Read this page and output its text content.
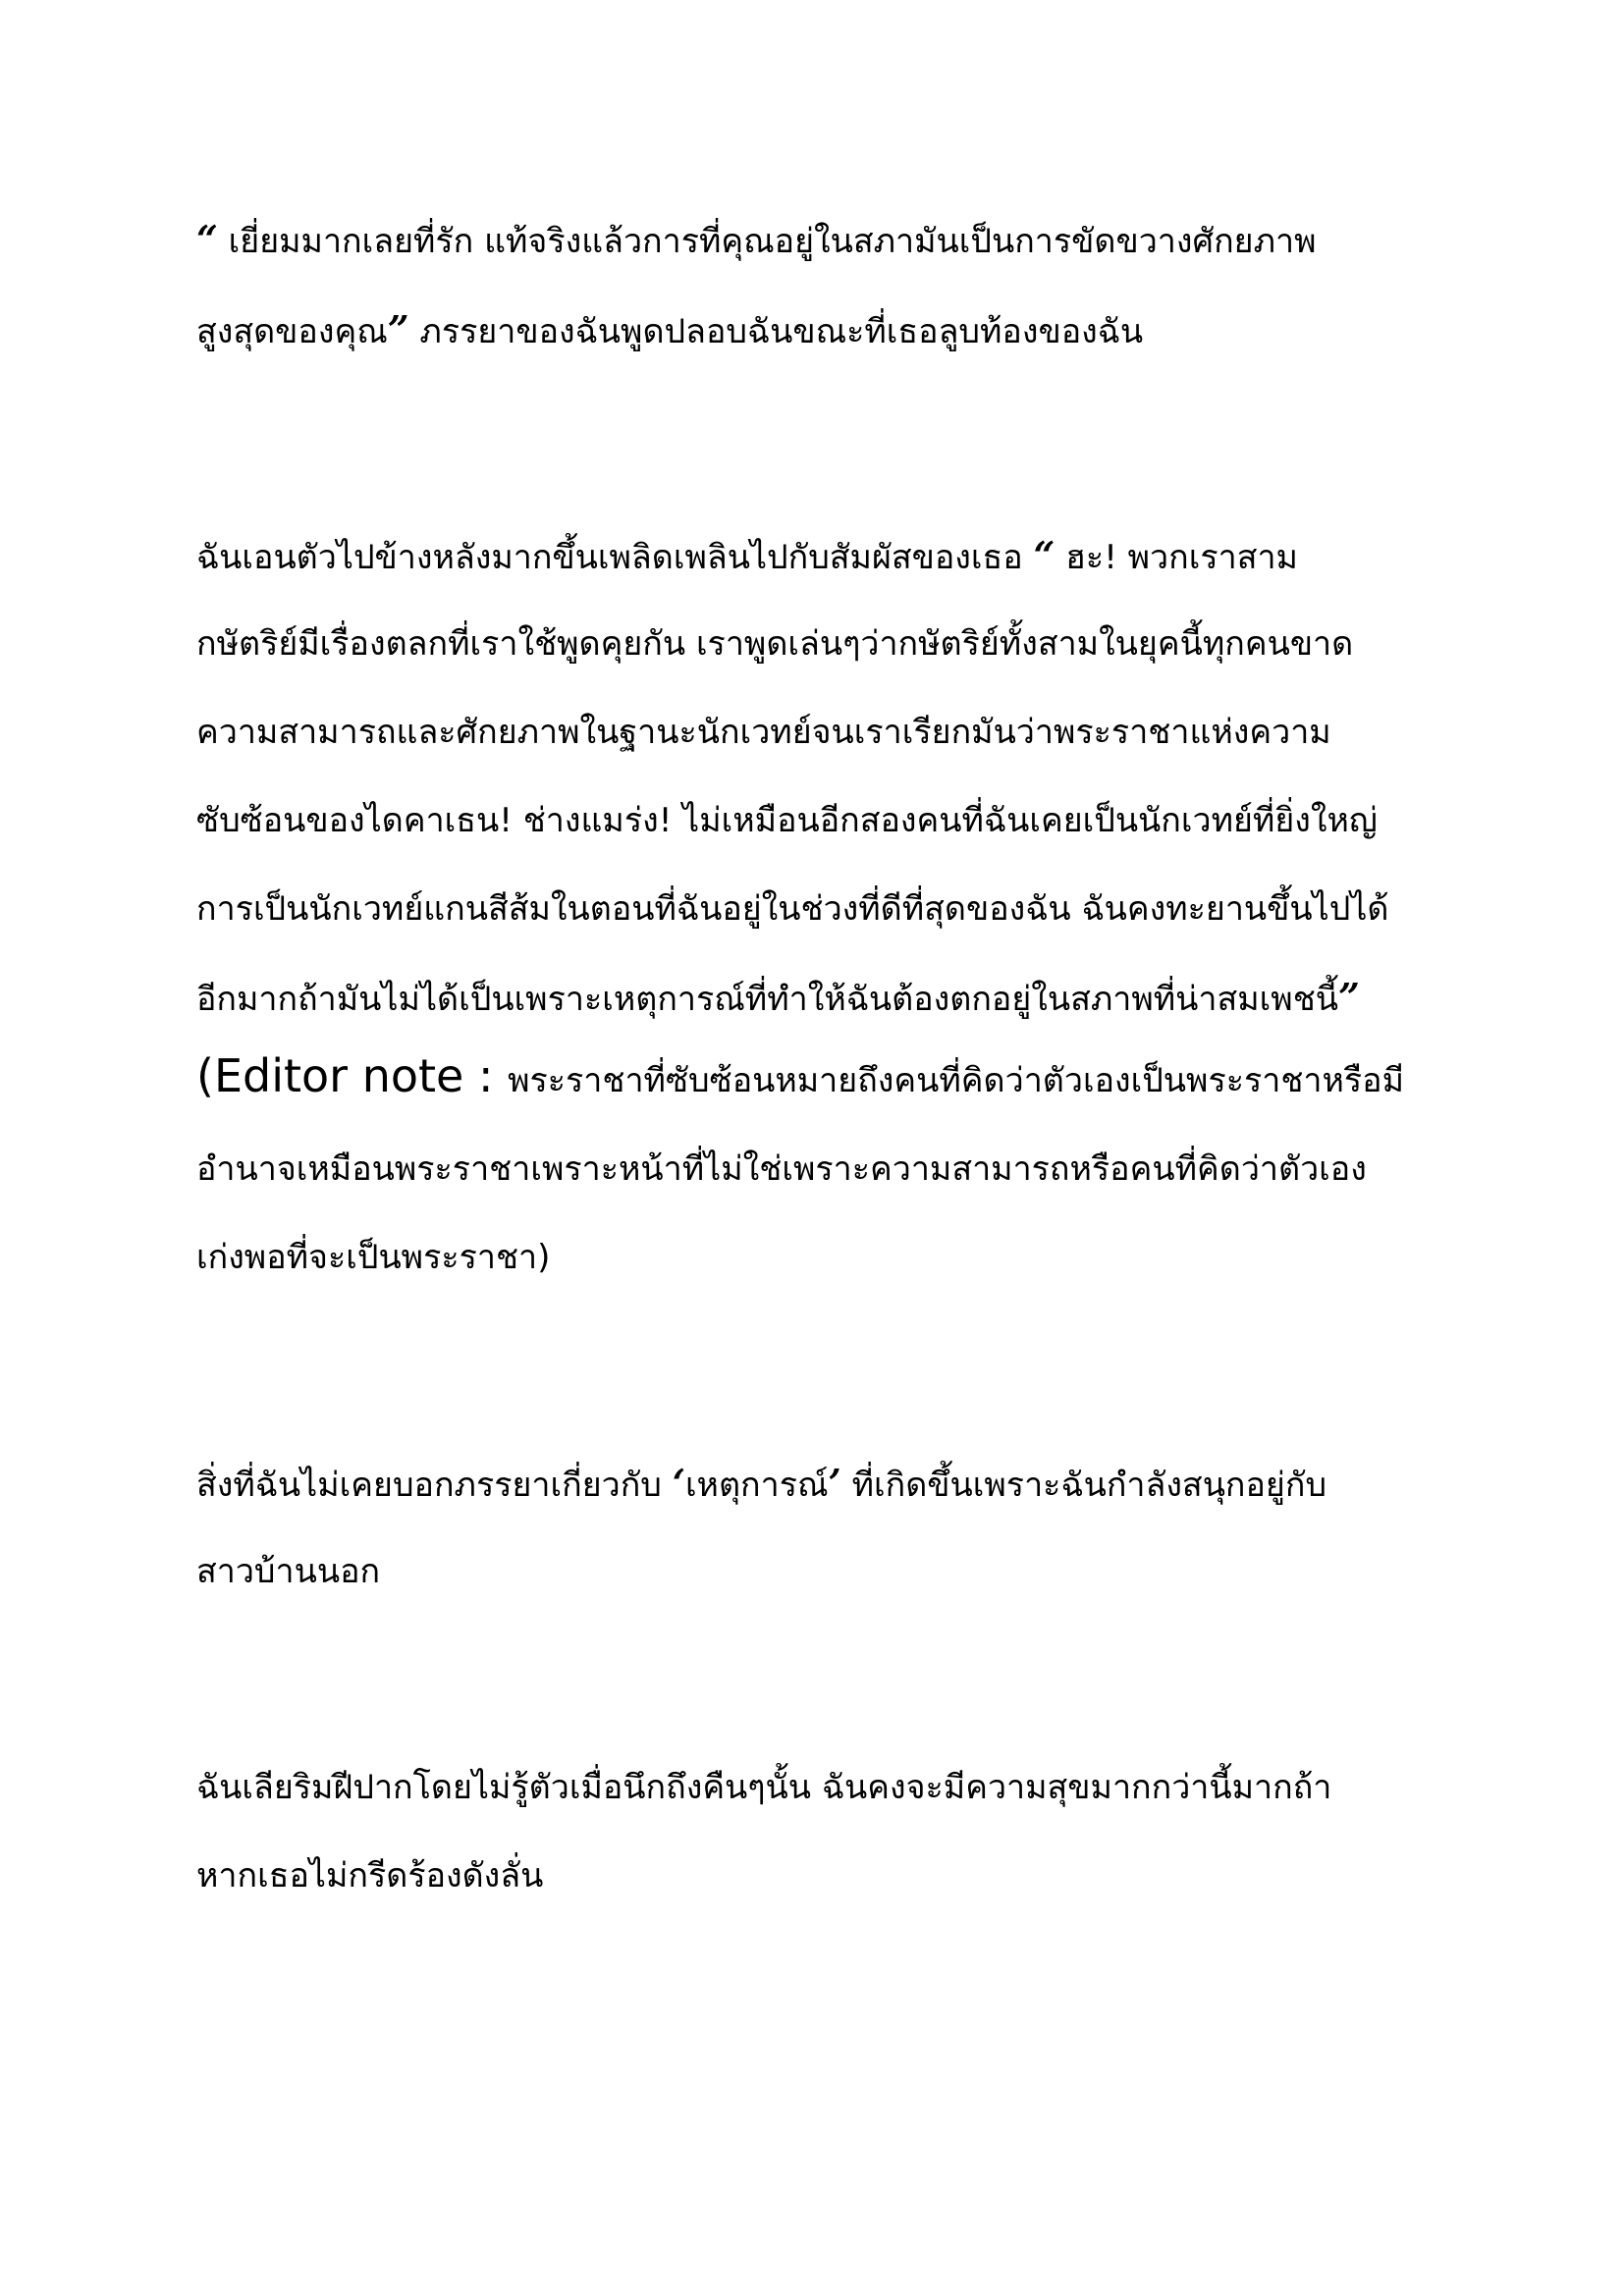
“ เยี่ยมมากเลยที่รัก แท้จริงแล้วการที่คุณอยู่ในสภามันเป็นการขัดขวางศักยภาพ
สูงสุดของคุณ” ภรรยาของฉันพูดปลอบฉันขณะที่เธอลูบท้องของฉัน
ฉันเอนตัวไปข้างหลังมากขึ้นเพลิดเพลินไปกับสัมผัสของเธอ “ ฮะ! พวกเราสาม
กษัตริย์มีเรื่องตลกที่เราใช้พูดคุยกัน เราพูดเล่นๆว่ากษัตริย์ทั้งสามในยุคนี้ทุกคนขาด
ความสามารถและศักยภาพในฐานะนักเวทย์จนเราเรียกมันว่าพระราชาแห่งความ
ซับซ้อนของไดคาเธน! ช่างแมร่ง! ไม่เหมือนอีกสองคนที่ฉันเคยเป็นนักเวทย์ที่ยิ่งใหญ่
การเป็นนักเวทย์แกนสีส้มในตอนที่ฉันอยู่ในช่วงที่ดีที่สุดของฉัน ฉันคงทะยานขึ้นไปได้
อีกมากถ้ามันไม่ได้เป็นเพราะเหตุการณ์ที่ทำให้ฉันต้องตกอยู่ในสภาพที่น่าสมเพชนี้”
(Editor note : พระราชาที่ซับซ้อนหมายถึงคนที่คิดว่าตัวเองเป็นพระราชาหรือมี
อำนาจเหมือนพระราชาเพราะหน้าที่ไม่ใช่เพราะความสามารถหรือคนที่คิดว่าตัวเอง
เก่งพอที่จะเป็นพระราชา)
สิ่งที่ฉันไม่เคยบอกภรรยาเกี่ยวกับ ‘เหตุการณ์’ ที่เกิดขึ้นเพราะฉันกำลังสนุกอยู่กับ
สาวบ้านนอก
ฉันเลียริมฝีปากโดยไม่รู้ตัวเมื่อนึกถึงคืนๆนั้น ฉันคงจะมีความสุขมากกว่านี้มากถ้า
หากเธอไม่กรีดร้องดังลั่น
